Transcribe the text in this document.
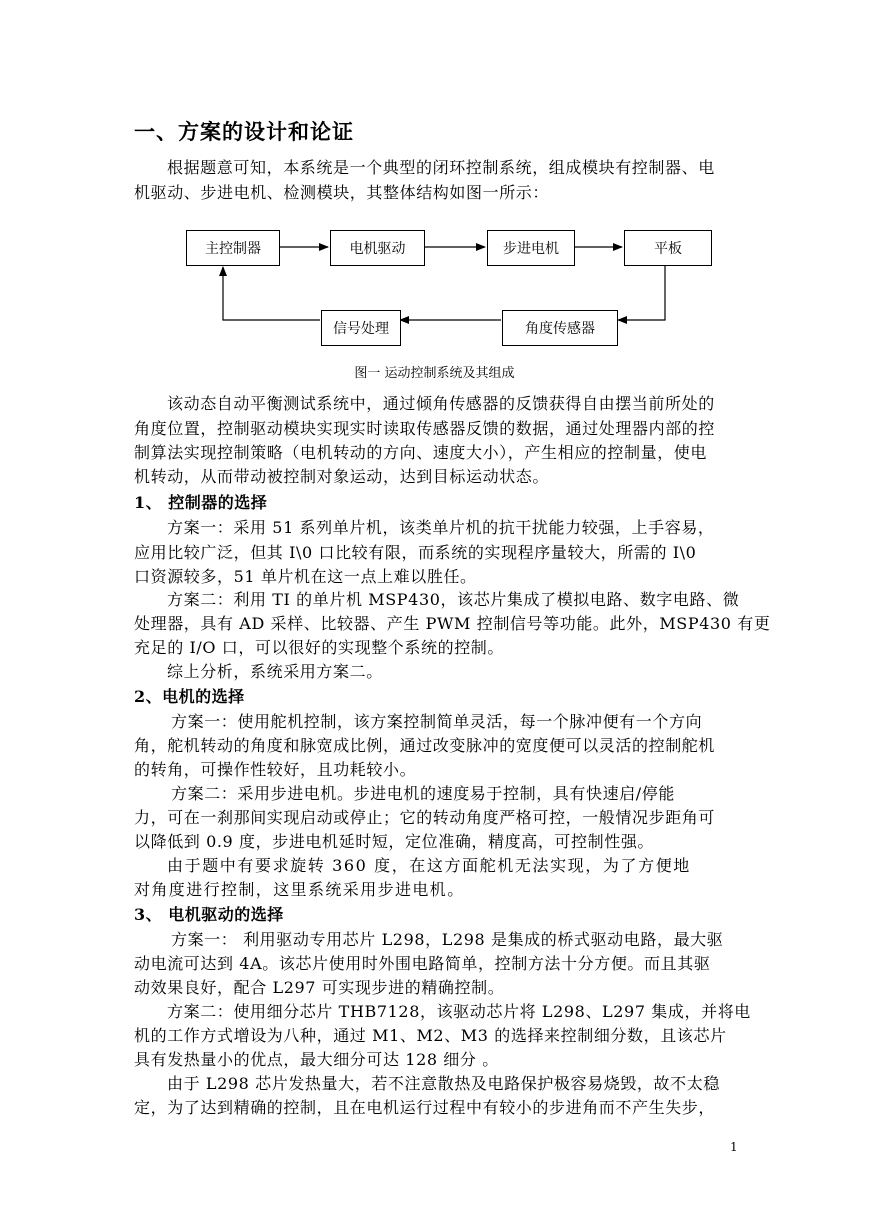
一、方案的设计和论证
根据题意可知，本系统是一个典型的闭环控制系统，组成模块有控制器、电
机驱动、步进电机、检测模块，其整体结构如图一所示：
主控制器	电机驱动	步进电机	平板
角度传感器
信号处理
图一 运动控制系统及其组成
该动态自动平衡测试系统中，通过倾角传感器的反馈获得自由摆当前所处的
角度位置，控制驱动模块实现实时读取传感器反馈的数据，通过处理器内部的控
制算法实现控制策略（电机转动的方向、速度大小），产生相应的控制量，使电
机转动，从而带动被控制对象运动，达到目标运动状态。
1、 控制器的选择
方案一：采用 51 系列单片机，该类单片机的抗干扰能力较强，上手容易，
应用比较广泛，但其 I\0 口比较有限，而系统的实现程序量较大，所需的 I\0
口资源较多，51 单片机在这一点上难以胜任。
方案二：利用 TI 的单片机 MSP430，该芯片集成了模拟电路、数字电路、微
处理器，具有 AD 采样、比较器、产生 PWM 控制信号等功能。此外，MSP430 有更
充足的 I/O 口，可以很好的实现整个系统的控制。
综上分析，系统采用方案二。
2、电机的选择
方案一：使用舵机控制，该方案控制简单灵活，每一个脉冲便有一个方向
角，舵机转动的角度和脉宽成比例，通过改变脉冲的宽度便可以灵活的控制舵机
的转角，可操作性较好，且功耗较小。
方案二：采用步进电机。步进电机的速度易于控制，具有快速启/停能
力，可在一刹那间实现启动或停止；它的转动角度严格可控，一般情况步距角可
以降低到 0.9 度，步进电机延时短，定位准确，精度高，可控制性强。
由于题中有要求旋转 360 度，在这方面舵机无法实现，为了方便地
对角度进行控制，这里系统采用步进电机。
3、 电机驱动的选择
方案一： 利用驱动专用芯片 L298，L298 是集成的桥式驱动电路，最大驱
动电流可达到 4A。该芯片使用时外围电路简单，控制方法十分方便。而且其驱
动效果良好，配合 L297 可实现步进的精确控制。
方案二：使用细分芯片 THB7128，该驱动芯片将 L298、L297 集成，并将电
机的工作方式增设为八种，通过 M1、M2、M3 的选择来控制细分数，且该芯片
具有发热量小的优点，最大细分可达 128 细分 。
由于 L298 芯片发热量大，若不注意散热及电路保护极容易烧毁，故不太稳
定，为了达到精确的控制，且在电机运行过程中有较小的步进角而不产生失步，
1
